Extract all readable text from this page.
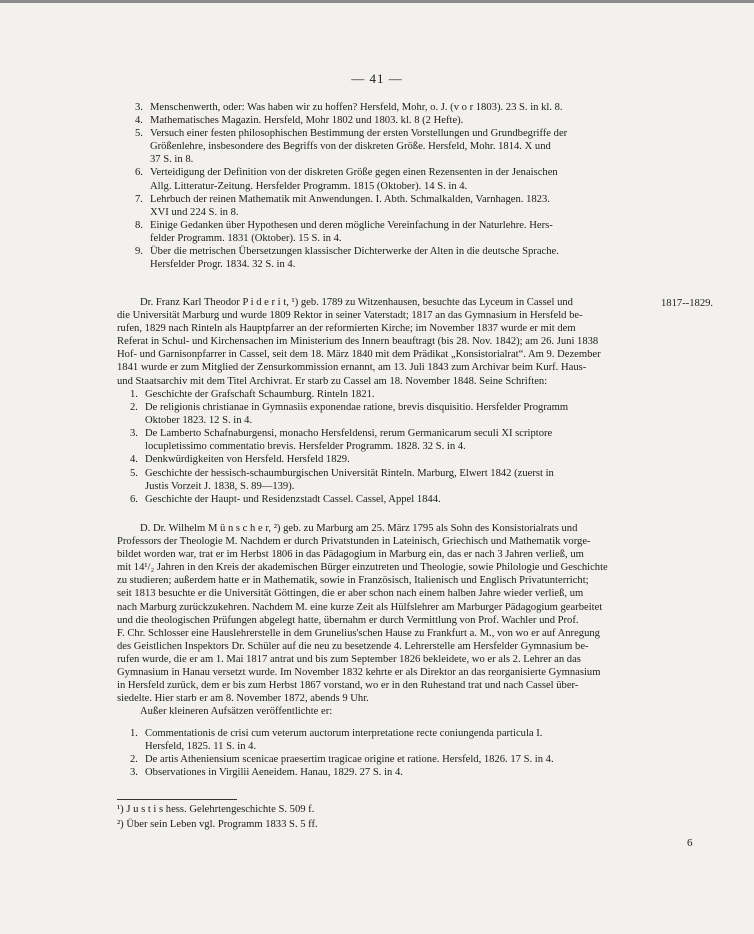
— 41 —
3. Menschenwerth, oder: Was haben wir zu hoffen? Hersfeld, Mohr, o. J. (v o r 1803). 23 S. in kl. 8.
4. Mathematisches Magazin. Hersfeld, Mohr 1802 und 1803. kl. 8 (2 Hefte).
5. Versuch einer festen philosophischen Bestimmung der ersten Vorstellungen und Grundbegriffe der
Größenlehre, insbesondere des Begriffs von der diskreten Größe. Hersfeld, Mohr. 1814. X und
37 S. in 8.
6. Verteidigung der Definition von der diskreten Größe gegen einen Rezensenten in der Jenaischen
Allg. Litteratur-Zeitung. Hersfelder Programm. 1815 (Oktober). 14 S. in 4.
7. Lehrbuch der reinen Mathematik mit Anwendungen. I. Abth. Schmalkalden, Varnhagen. 1823.
XVI und 224 S. in 8.
8. Einige Gedanken über Hypothesen und deren mögliche Vereinfachung in der Naturlehre. Hers-
felder Programm. 1831 (Oktober). 15 S. in 4.
9. Über die metrischen Übersetzungen klassischer Dichterwerke der Alten in die deutsche Sprache.
Hersfelder Progr. 1834. 32 S. in 4.
1817--1829.
Dr. Franz Karl Theodor P i d e r i t, ¹) geb. 1789 zu Witzenhausen, besuchte das Lyceum in Cassel und
die Universität Marburg und wurde 1809 Rektor in seiner Vaterstadt; 1817 an das Gymnasium in Hersfeld be-
rufen, 1829 nach Rinteln als Hauptpfarrer an der reformierten Kirche; im November 1837 wurde er mit dem
Referat in Schul- und Kirchensachen im Ministerium des Innern beauftragt (bis 28. Nov. 1842); am 26. Juni 1838
Hof- und Garnisonpfarrer in Cassel, seit dem 18. März 1840 mit dem Prädikat „Konsistorialrat“. Am 9. Dezember
1841 wurde er zum Mitglied der Zensurkommission ernannt, am 13. Juli 1843 zum Archivar beim Kurf. Haus-
und Staatsarchiv mit dem Titel Archivrat. Er starb zu Cassel am 18. November 1848. Seine Schriften:
1. Geschichte der Grafschaft Schaumburg. Rinteln 1821.
2. De religionis christianae in Gymnasiis exponendae ratione, brevis disquisitio. Hersfelder Programm
Oktober 1823. 12 S. in 4.
3. De Lamberto Schafnaburgensi, monacho Hersfeldensi, rerum Germanicarum seculi XI scriptore
locupletissimo commentatio brevis. Hersfelder Programm. 1828. 32 S. in 4.
4. Denkwürdigkeiten von Hersfeld. Hersfeld 1829.
5. Geschichte der hessisch-schaumburgischen Universität Rinteln. Marburg, Elwert 1842 (zuerst in
Justis Vorzeit J. 1838, S. 89—139).
6. Geschichte der Haupt- und Residenzstadt Cassel. Cassel, Appel 1844.
D. Dr. Wilhelm M ü n s c h e r, ²) geb. zu Marburg am 25. März 1795 als Sohn des Konsistorialrats und
Professors der Theologie M. Nachdem er durch Privatstunden in Lateinisch, Griechisch und Mathematik vorge-
bildet worden war, trat er im Herbst 1806 in das Pädagogium in Marburg ein, das er nach 3 Jahren verließ, um
mit 14¹/₂ Jahren in den Kreis der akademischen Bürger einzutreten und Theologie, sowie Philologie und Geschichte
zu studieren; außerdem hatte er in Mathematik, sowie in Französisch, Italienisch und Englisch Privatunterricht;
seit 1813 besuchte er die Universität Göttingen, die er aber schon nach einem halben Jahre wieder verließ, um
nach Marburg zurückzukehren. Nachdem M. eine kurze Zeit als Hülfslehrer am Marburger Pädagogium gearbeitet
und die theologischen Prüfungen abgelegt hatte, übernahm er durch Vermittlung von Prof. Wachler und Prof.
F. Chr. Schlosser eine Hauslehrerstelle in dem Grunelius'schen Hause zu Frankfurt a. M., von wo er auf Anregung
des Geistlichen Inspektors Dr. Schüler auf die neu zu besetzende 4. Lehrerstelle am Hersfelder Gymnasium be-
rufen wurde, die er am 1. Mai 1817 antrat und bis zum September 1826 bekleidete, wo er als 2. Lehrer an das
Gymnasium in Hanau versetzt wurde. Im November 1832 kehrte er als Direktor an das reorganisierte Gymnasium
in Hersfeld zurück, dem er bis zum Herbst 1867 vorstand, wo er in den Ruhestand trat und nach Cassel über-
siedelte. Hier starb er am 8. November 1872, abends 9 Uhr.
Außer kleineren Aufsätzen veröffentlichte er:
1. Commentationis de crisi cum veterum auctorum interpretatione recte coniungenda particula I.
Hersfeld, 1825. 11 S. in 4.
2. De artis Atheniensium scenicae praesertim tragicae origine et ratione. Hersfeld, 1826. 17 S. in 4.
3. Observationes in Virgilii Aeneidem. Hanau, 1829. 27 S. in 4.
¹) J u s t i s hess. Gelehrtengeschichte S. 509 f.
²) Über sein Leben vgl. Programm 1833 S. 5 ff.
6
